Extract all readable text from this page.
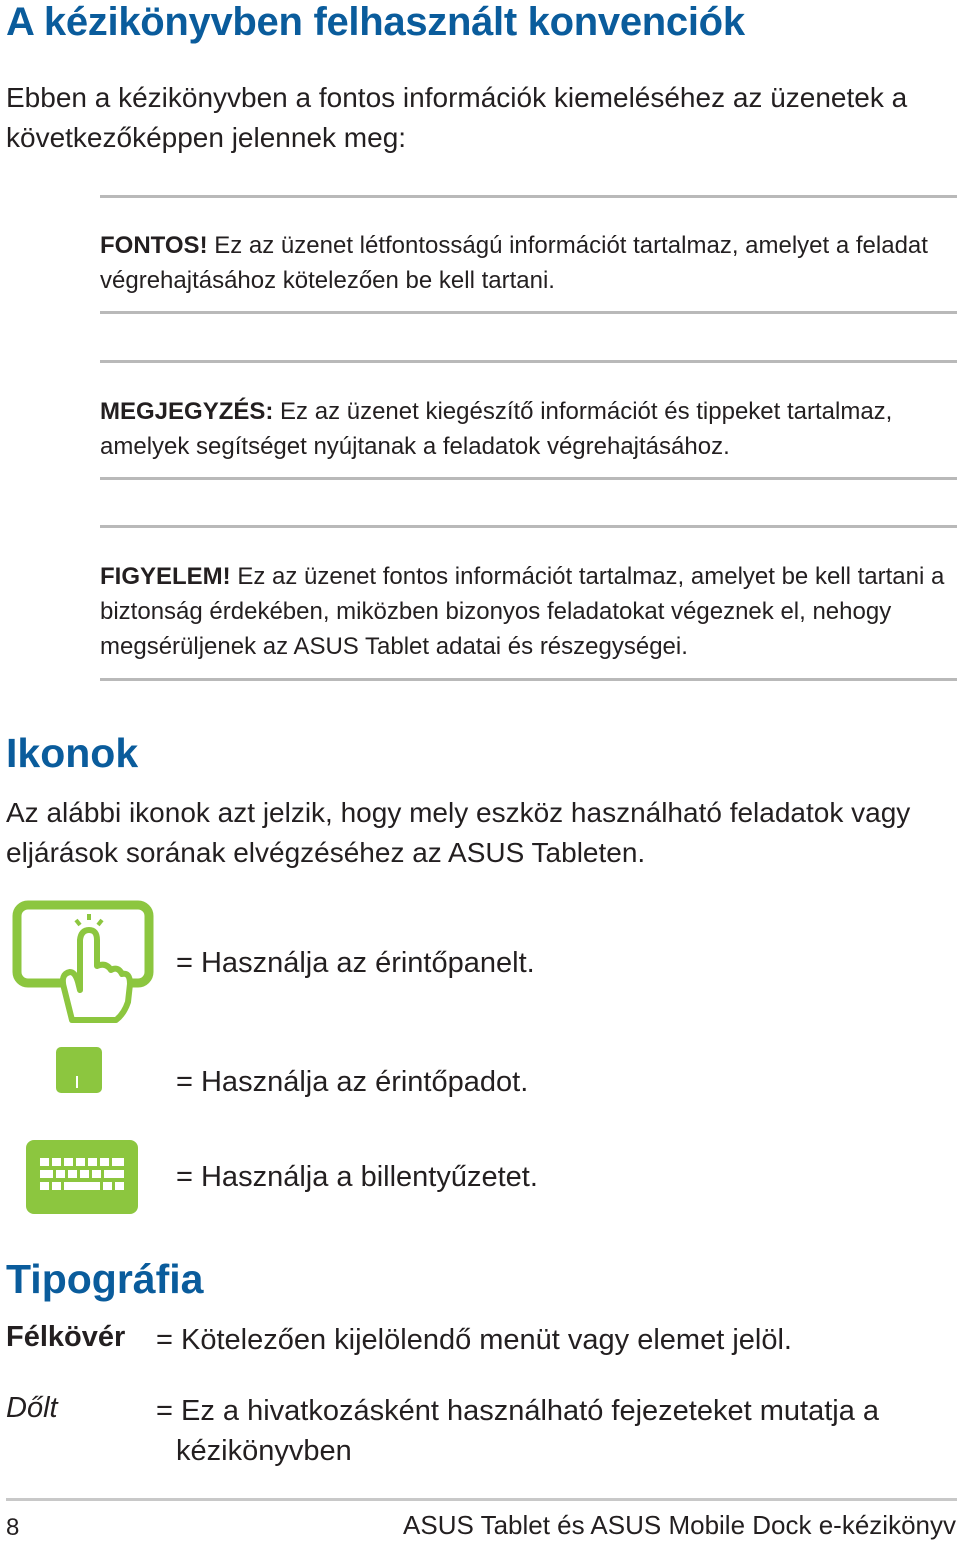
A kézikönyvben felhasznált konvenciók
Ebben a kézikönyvben a fontos információk kiemeléséhez az üzenetek a következőképpen jelennek meg:
FONTOS! Ez az üzenet létfontosságú információt tartalmaz, amelyet a feladat végrehajtásához kötelezően be kell tartani.
MEGJEGYZÉS: Ez az üzenet kiegészítő információt és tippeket tartalmaz, amelyek segítséget nyújtanak a feladatok végrehajtásához.
FIGYELEM! Ez az üzenet fontos információt tartalmaz, amelyet be kell tartani a biztonság érdekében, miközben bizonyos feladatokat végeznek el, nehogy megsérüljenek az ASUS Tablet adatai és részegységei.
Ikonok
Az alábbi ikonok azt jelzik, hogy mely eszköz használható feladatok vagy eljárások sorának elvégzéséhez az ASUS Tableten.
= Használja az érintőpanelt.
= Használja az érintőpadot.
= Használja a billentyűzetet.
Tipográfia
Félkövér = Kötelezően kijelölendő menüt vagy elemet jelöl.
Dőlt	= Ez a hivatkozásként használható fejezeteket mutatja a kézikönyvben
8	ASUS Tablet és ASUS Mobile Dock e-kézikönyv
